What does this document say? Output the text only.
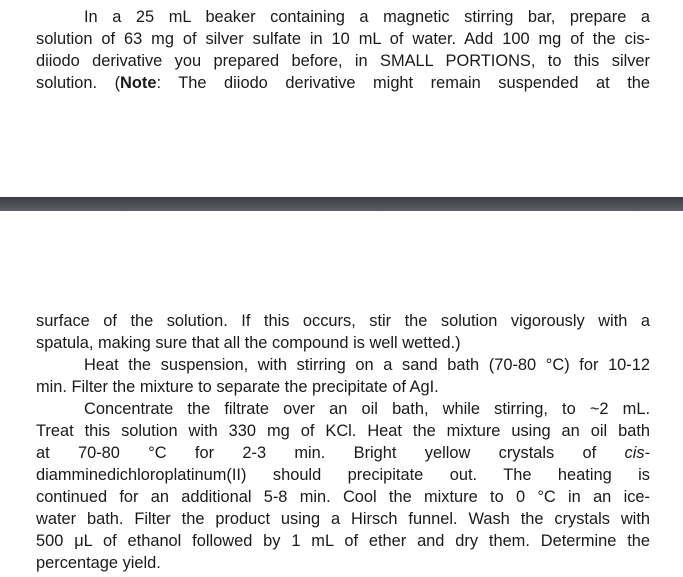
In a 25 mL beaker containing a magnetic stirring bar, prepare a
solution of 63 mg of silver sulfate in 10 mL of water. Add 100 mg of the cis-
diiodo derivative you prepared before, in SMALL PORTIONS, to this silver
solution. (Note: The diiodo derivative might remain suspended at the
surface of the solution. If this occurs, stir the solution vigorously with a
spatula, making sure that all the compound is well wetted.)
Heat the suspension, with stirring on a sand bath (70-80 °C) for 10-12
min. Filter the mixture to separate the precipitate of AgI.
Concentrate the filtrate over an oil bath, while stirring, to ~2 mL.
Treat this solution with 330 mg of KCl. Heat the mixture using an oil bath
at 70-80 °C for 2-3 min. Bright yellow crystals of cis-
diamminedichloroplatinum(II) should precipitate out. The heating is
continued for an additional 5-8 min. Cool the mixture to 0 °C in an ice-
water bath. Filter the product using a Hirsch funnel. Wash the crystals with
500 μL of ethanol followed by 1 mL of ether and dry them. Determine the
percentage yield.
